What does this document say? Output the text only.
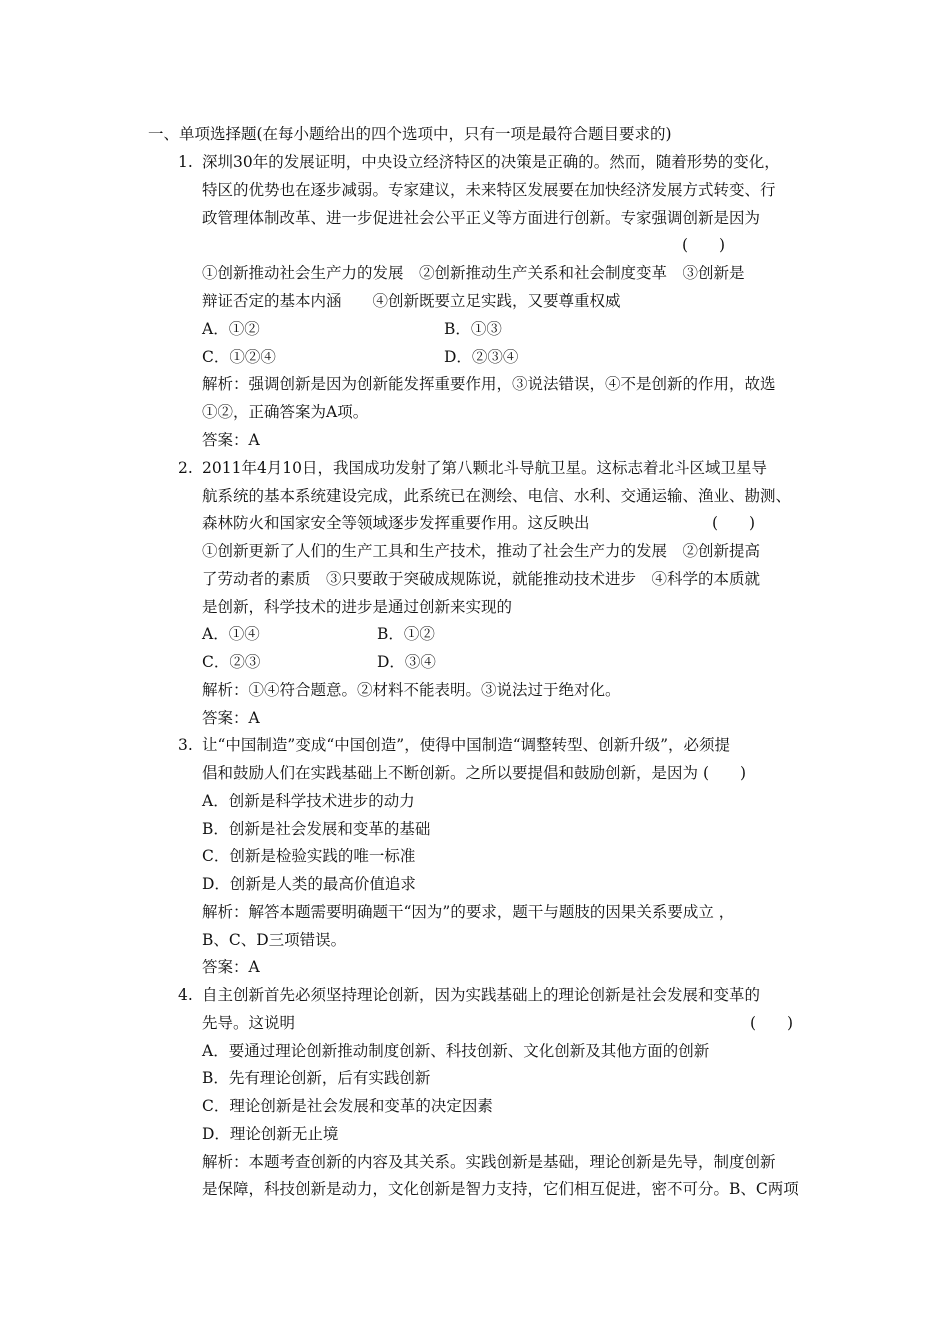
一、单项选择题(在每小题给出的四个选项中，只有一项是最符合题目要求的)
1. 深圳30年的发展证明，中央设立经济特区的决策是正确的。然而，随着形势的变化，
特区的优势也在逐步减弱。专家建议，未来特区发展要在加快经济发展方式转变、行
政管理体制改革、进一步促进社会公平正义等方面进行创新。专家强调创新是因为
(　　)
①创新推动社会生产力的发展　②创新推动生产关系和社会制度变革　③创新是
辩证否定的基本内涵　　④创新既要立足实践，又要尊重权威
A．①②	B．①③
C．①②④	D．②③④
解析：强调创新是因为创新能发挥重要作用，③说法错误，④不是创新的作用，故选
①②，正确答案为A项。
答案：A
2. 2011年4月10日，我国成功发射了第八颗北斗导航卫星。这标志着北斗区域卫星导
航系统的基本系统建设完成，此系统已在测绘、电信、水利、交通运输、渔业、勘测、
森林防火和国家安全等领域逐步发挥重要作用。这反映出	(　　)
①创新更新了人们的生产工具和生产技术，推动了社会生产力的发展　②创新提高
了劳动者的素质　③只要敢于突破成规陈说，就能推动技术进步　④科学的本质就
是创新，科学技术的进步是通过创新来实现的
A．①④	B．①②
C．②③	D．③④
解析：①④符合题意。②材料不能表明。③说法过于绝对化。
答案：A
3. 让“中国制造”变成“中国创造”，使得中国制造“调整转型、创新升级”，必须提
倡和鼓励人们在实践基础上不断创新。之所以要提倡和鼓励创新，是因为 (　　)
A．创新是科学技术进步的动力
B．创新是社会发展和变革的基础
C．创新是检验实践的唯一标准
D．创新是人类的最高价值追求
解析：解答本题需要明确题干“因为”的要求，题干与题肢的因果关系要成立 ，
B、C、D三项错误。
答案：A
4. 自主创新首先必须坚持理论创新，因为实践基础上的理论创新是社会发展和变革的
先导。这说明	(　　)
A．要通过理论创新推动制度创新、科技创新、文化创新及其他方面的创新
B．先有理论创新，后有实践创新
C．理论创新是社会发展和变革的决定因素
D．理论创新无止境
解析：本题考查创新的内容及其关系。实践创新是基础，理论创新是先导，制度创新
是保障，科技创新是动力，文化创新是智力支持，它们相互促进，密不可分。B、C两项
